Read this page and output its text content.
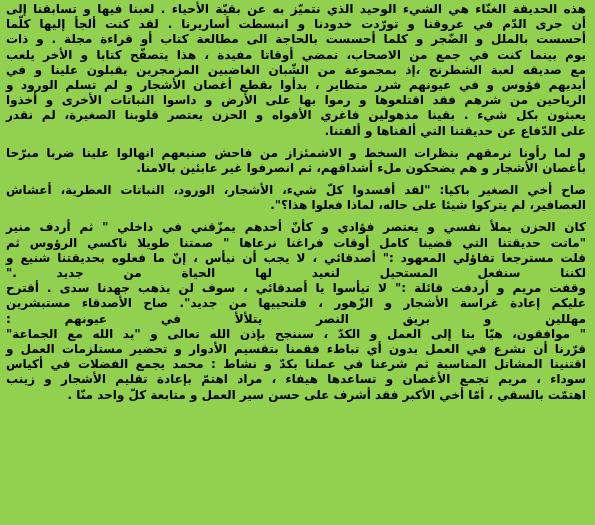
هذه الحديقة الغنّاء هي الشيء الوحيد الذي نتميّز به عن بقيّة الأحياء . لعبنا فيها و تسابقنا إلى
أن جرى الدّم في عروقنا و تورّدت خدودنا و انبسطت أساريرنا . لقد كنت ألجأ إليها كلّما
أحسست بالملل و الضّجر و كلما أحسست بالحاجة الى مطالعة كتاب أو قراءة مجلة . و ذات
يوم بينما كنت في جمع من الاصحاب، نمضي أوقاتا مفيدة ، هذا يتصفّح كتابا و الأخر يلعب
مع صديقه لعبة الشطرنج ،إذ بمجموعة من الشّبان الغاضبين المزمجرين يقبلون علينا و في
أيديهم فؤوس و في عيونهم شرر متطاير ، بدأوا بقطع أغصان الأشجار و لم تسلم الورود و
الرياحين من شرهم فقد اقتلعوها و رموا بها على الأرض و داسوا النباتات الأخرى و أخذوا
يعبثون بكل شيء . بقينا مذهولين فاغري الأفواه و الحزن يعتصر قلوبنا الصغيرة، لم نقدر
على الدّفاع عن حديقتنا التي ألفناها و ألفتنا.
و لما رأونا نرمقهم بنظرات السخط و الاشمئزاز من فاحش صنيعهم انهالوا علينا ضربا مبرّحا
بأغصان الأشجار و هم يضحكون ملء أشداقهم، ثم انصرفوا غير عابئين بالامنا.
صاح أخي الصغير باكيا: "لقد أفسدوا كلّ شيء، الأشجار، الورود، النباتات العطرية، أعشاش
العصافير، لم يتركوا شيئا على حاله، لماذا فعلوا هذا؟".
كان الحزن يملأ نفسي و يعتصر فؤادي و كأنّ أحدهم يمزّقني في داخلي " ثم أردف منير
"ماتت حديقتنا التي قضينا كامل أوقات فراغنا نرعاها " صمتنا طويلا ناكسي الرؤوس ثم
قلت مسترجعا تفاؤلي المعهود :" أصدقائي ، لا يجب أن نيأس ، إنّ ما فعلوه بحديقتنا شنيع و
لكننا سنفعل المستحيل لنعيد لها الحياة من جديد ."
وقفت مريم و أردفت قائلة :" لا تيأسوا يا أصدقائي ، سوف لن يذهب جهدنا سدى . أقترح
عليكم إعادة غراسة الأشجار و الزّهور ، فلنحييها من جديد". صاح الأصدقاء مستبشرين
مهللين و بريق النصر يتلألأ في عيونهم :
" موافقون، هيّا بنا إلى العمل و الكدّ ، سننجح بإذن الله تعالى و "يد الله مع الجماعة"
قرّرنا أن نشرع في العمل بدون أي تباطء فقمنا بتقسيم الأدوار و تحضير مستلزمات العمل و
اقتنينا المشاتل المناسبة ثم شرعنا في عملنا بكدّ و نشاط : محمد يجمع الفضلات في أكياس
سوداء ، مريم تجمع الأغصان و تساعدها هيفاء ، مراد اهتمّ بإعادة تقليم الأشجار و زينب
اهتمّت بالسقي ، أمّا أخي الأكبر فقد أشرف على حسن سير العمل و متابعة كلّ واحد منّا .
